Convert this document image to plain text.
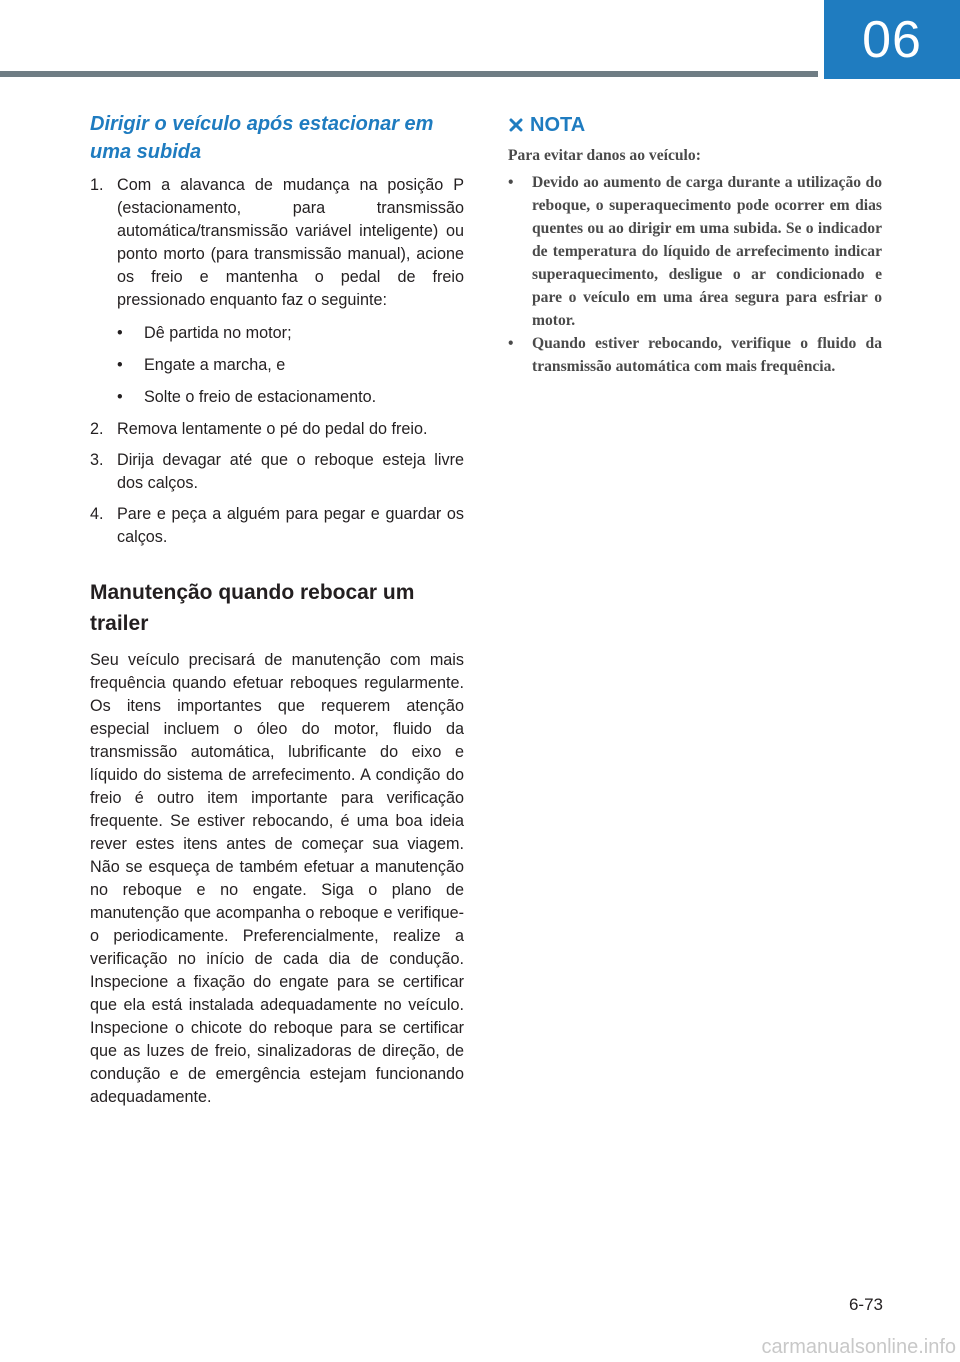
06
Dirigir o veículo após estacionar em uma subida
1. Com a alavanca de mudança na posição P (estacionamento, para transmissão automática/transmissão variável inteligente) ou ponto morto (para transmissão manual), acione os freio e mantenha o pedal de freio pressionado enquanto faz o seguinte:
• Dê partida no motor;
• Engate a marcha, e
• Solte o freio de estacionamento.
2. Remova lentamente o pé do pedal do freio.
3. Dirija devagar até que o reboque esteja livre dos calços.
4. Pare e peça a alguém para pegar e guardar os calços.
Manutenção quando rebocar um trailer

Seu veículo precisará de manutenção com mais frequência quando efetuar reboques regularmente. Os itens importantes que requerem atenção especial incluem o óleo do motor, fluido da transmissão automática, lubrificante do eixo e líquido do sistema de arrefecimento. A condição do freio é outro item importante para verificação frequente. Se estiver rebocando, é uma boa ideia rever estes itens antes de começar sua viagem. Não se esqueça de também efetuar a manutenção no reboque e no engate. Siga o plano de manutenção que acompanha o reboque e verifique-o periodicamente. Preferencialmente, realize a verificação no início de cada dia de condução. Inspecione a fixação do engate para se certificar que ela está instalada adequadamente no veículo. Inspecione o chicote do reboque para se certificar que as luzes de freio, sinalizadoras de direção, de condução e de emergência estejam funcionando adequadamente.

NOTA

Para evitar danos ao veículo:

• Devido ao aumento de carga durante a utilização do reboque, o superaquecimento pode ocorrer em dias quentes ou ao dirigir em uma subida. Se o indicador de temperatura do líquido de arrefecimento indicar superaquecimento, desligue o ar condicionado e pare o veículo em uma área segura para esfriar o motor.
• Quando estiver rebocando, verifique o fluido da transmissão automática com mais frequência.
6-73
carmanualsonline.info
